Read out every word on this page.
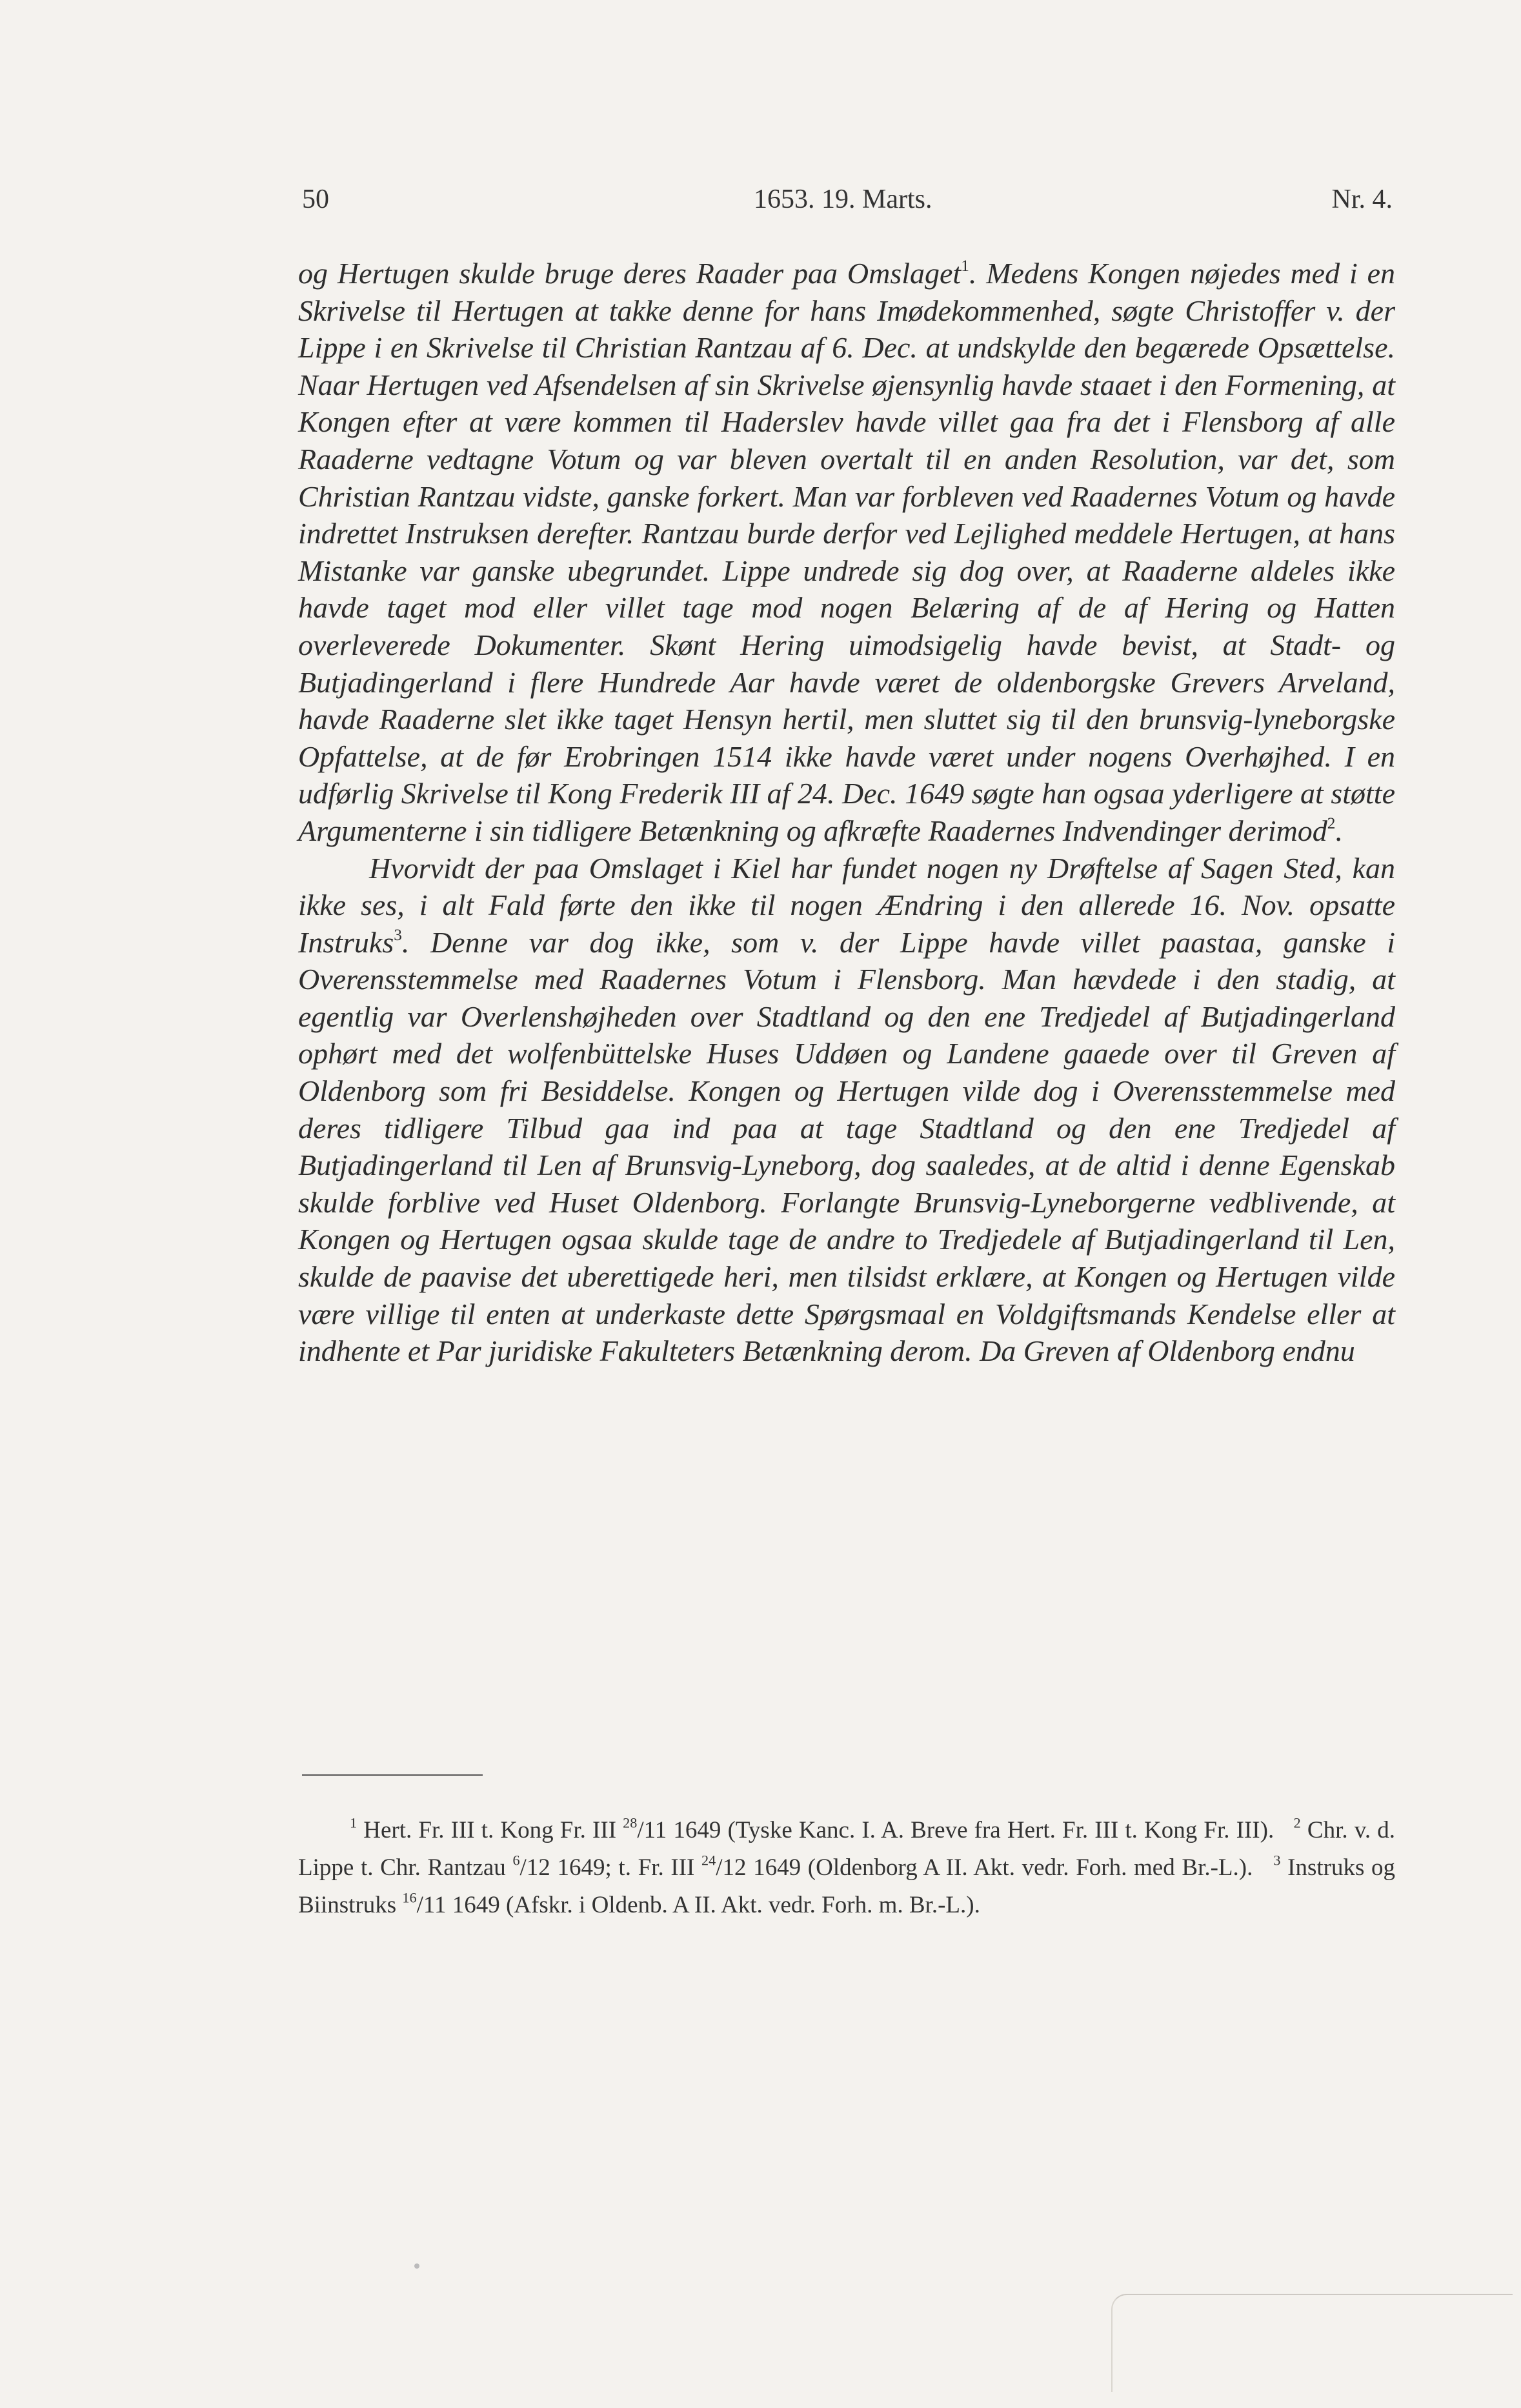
50	1653. 19. Marts.	Nr. 4.

og Hertugen skulde bruge deres Raader paa Omslaget$^1$. Medens Kongen nøjedes med i en Skrivelse til Hertugen at takke denne for hans Imødekommenhed, søgte Christoffer v. der Lippe i en Skrivelse til Christian Rantzau af 6. Dec. at undskylde den begærede Opsættelse. Naar Hertugen ved Afsendelsen af sin Skrivelse øjensynlig havde staaet i den Formening, at Kongen efter at være kommen til Haderslev havde villet gaa fra det i Flensborg af alle Raaderne vedtagne Votum og var bleven overtalt til en anden Resolution, var det, som Christian Rantzau vidste, ganske forkert. Man var forbleven ved Raadernes Votum og havde indrettet Instruksen derefter. Rantzau burde derfor ved Lejlighed meddele Hertugen, at hans Mistanke var ganske ubegrundet. Lippe undrede sig dog over, at Raaderne aldeles ikke havde taget mod eller villet tage mod nogen Belæring af de af Hering og Hatten overleverede Dokumenter. Skønt Hering uimodsigelig havde bevist, at Stadt- og Butjadingerland i flere Hundrede Aar havde været de oldenborgske Grevers Arveland, havde Raaderne slet ikke taget Hensyn hertil, men sluttet sig til den brunsvig-lyneborgske Opfattelse, at de før Erobringen 1514 ikke havde været under nogens Overhøjhed. I en udførlig Skrivelse til Kong Frederik III af 24. Dec. 1649 søgte han ogsaa yderligere at støtte Argumenterne i sin tidligere Betænkning og afkræfte Raadernes Indvendinger derimod$^2$.

Hvorvidt der paa Omslaget i Kiel har fundet nogen ny Drøftelse af Sagen Sted, kan ikke ses, i alt Fald førte den ikke til nogen Ændring i den allerede 16. Nov. opsatte Instruks$^3$. Denne var dog ikke, som v. der Lippe havde villet paastaa, ganske i Overensstemmelse med Raadernes Votum i Flensborg. Man hævdede i den stadig, at egentlig var Overlenshøjheden over Stadtland og den ene Tredjedel af Butjadingerland ophørt med det wolfenbüttelske Huses Uddøen og Landene gaaede over til Greven af Oldenborg som fri Besiddelse. Kongen og Hertugen vilde dog i Overensstemmelse med deres tidligere Tilbud gaa ind paa at tage Stadtland og den ene Tredjedel af Butjadingerland til Len af Brunsvig-Lyneborg, dog saaledes, at de altid i denne Egenskab skulde forblive ved Huset Oldenborg. Forlangte Brunsvig-Lyneborgerne vedblivende, at Kongen og Hertugen ogsaa skulde tage de andre to Tredjedele af Butjadingerland til Len, skulde de paavise det uberettigede heri, men tilsidst erklære, at Kongen og Hertugen vilde være villige til enten at underkaste dette Spørgsmaal en Voldgiftsmands Kendelse eller at indhente et Par juridiske Fakulteters Betænkning derom. Da Greven af Oldenborg endnu

$^1$ Hert. Fr. III t. Kong Fr. III $^{28}$/11 1649 (Tyske Kanc. I. A. Breve fra Hert. Fr. III t. Kong Fr. III). $^2$ Chr. v. d. Lippe t. Chr. Rantzau $^6$/12 1649; t. Fr. III $^{24}$/12 1649 (Oldenborg A II. Akt. vedr. Forh. med Br.-L.). $^3$ Instruks og Biinstruks $^{16}$/11 1649 (Afskr. i Oldenb. A II. Akt. vedr. Forh. m. Br.-L.).
